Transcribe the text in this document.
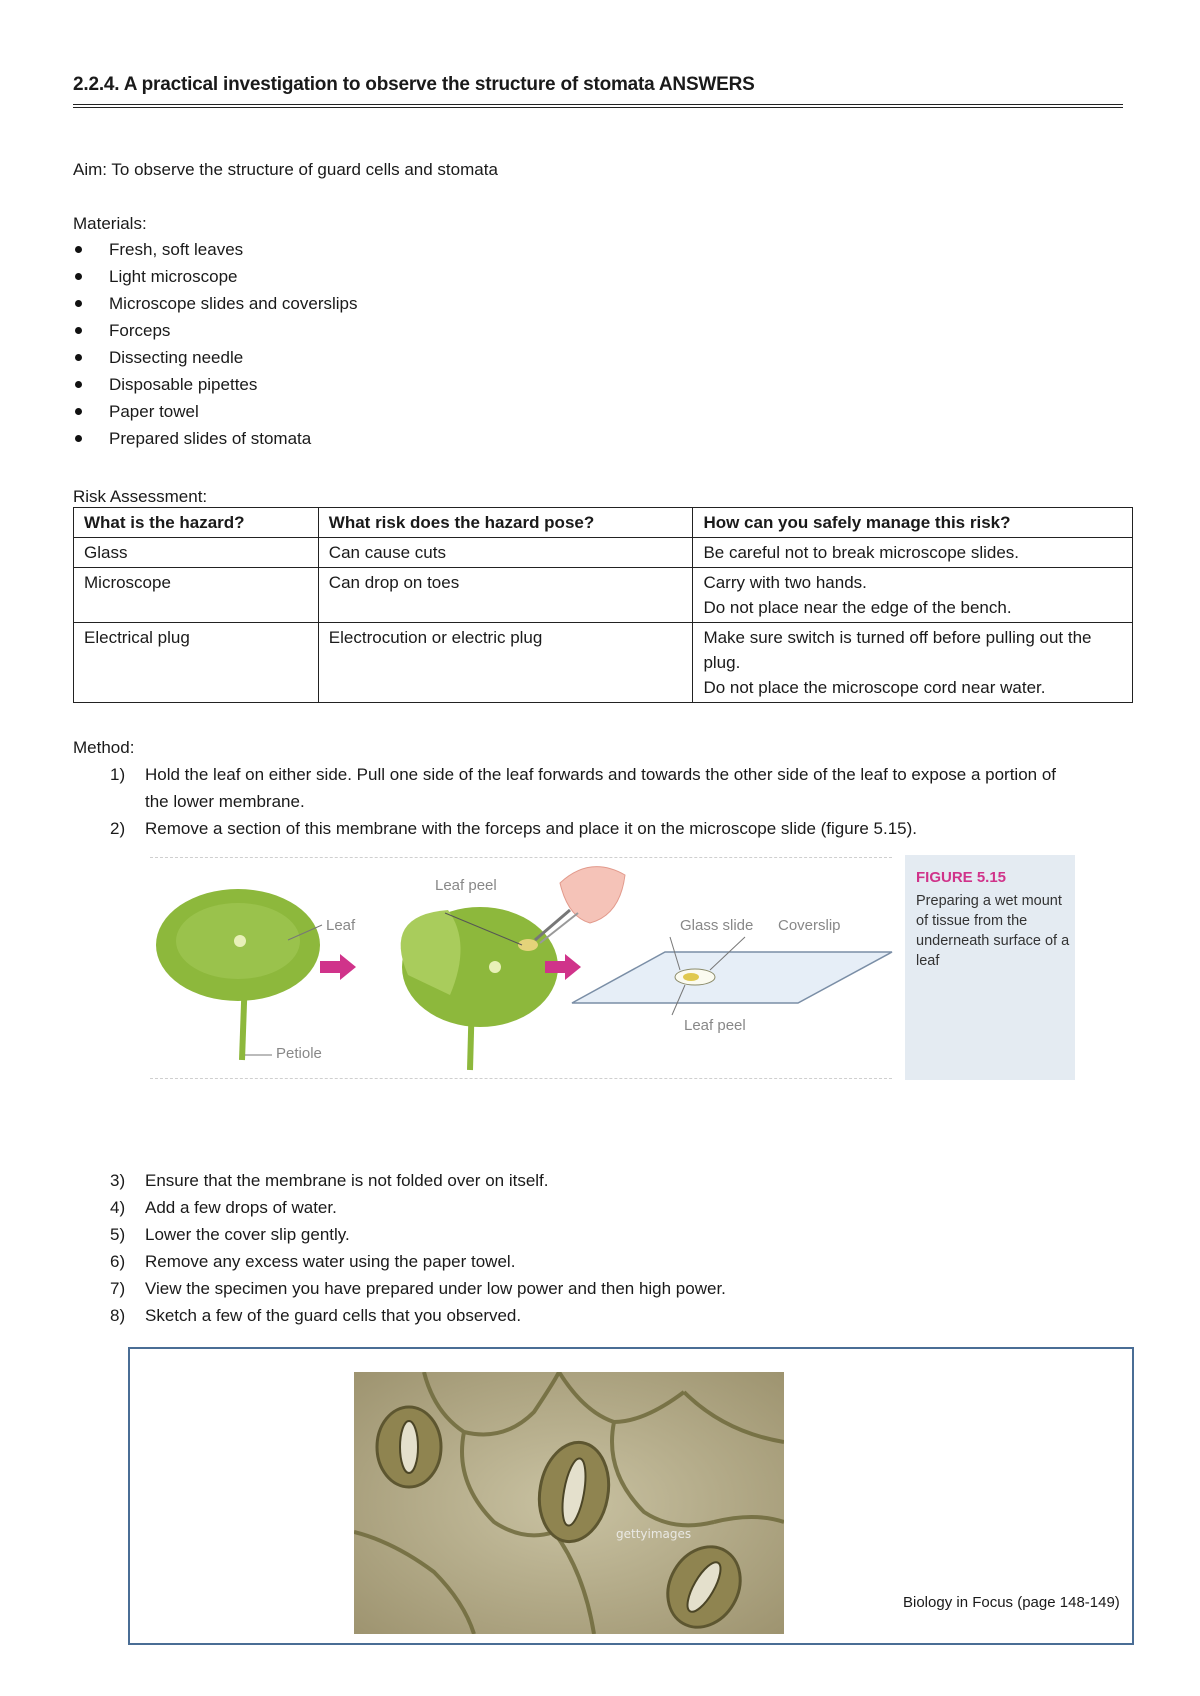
2.2.4. A practical investigation to observe the structure of stomata ANSWERS
Aim: To observe the structure of guard cells and stomata
Materials:
Fresh, soft leaves
Light microscope
Microscope slides and coverslips
Forceps
Dissecting needle
Disposable pipettes
Paper towel
Prepared slides of stomata
Risk Assessment:
What is the hazard?	What risk does the hazard pose?	How can you safely manage this risk?
Glass	Can cause cuts	Be careful not to break microscope slides.

Microscope	Can drop on toes	Carry with two hands.
Do not place near the edge of the bench.

Electrical plug	Electrocution or electric plug	Make sure switch is turned off before pulling out the plug.
Do not place the microscope cord near water.
Method:
1) Hold the leaf on either side. Pull one side of the leaf forwards and towards the other side of the leaf to expose a portion of the lower membrane.
2) Remove a section of this membrane with the forceps and place it on the microscope slide (figure 5.15).
Leaf
Petiole
Leaf peel
Glass slide Coverslip
Leaf peel
FIGURE 5.15
Preparing a wet mount of tissue from the underneath surface of a leaf
3) Ensure that the membrane is not folded over on itself.
4) Add a few drops of water.
5) Lower the cover slip gently.
6) Remove any excess water using the paper towel.
7) View the specimen you have prepared under low power and then high power.
8) Sketch a few of the guard cells that you observed.
gettyimages
Biology in Focus (page 148-149)
